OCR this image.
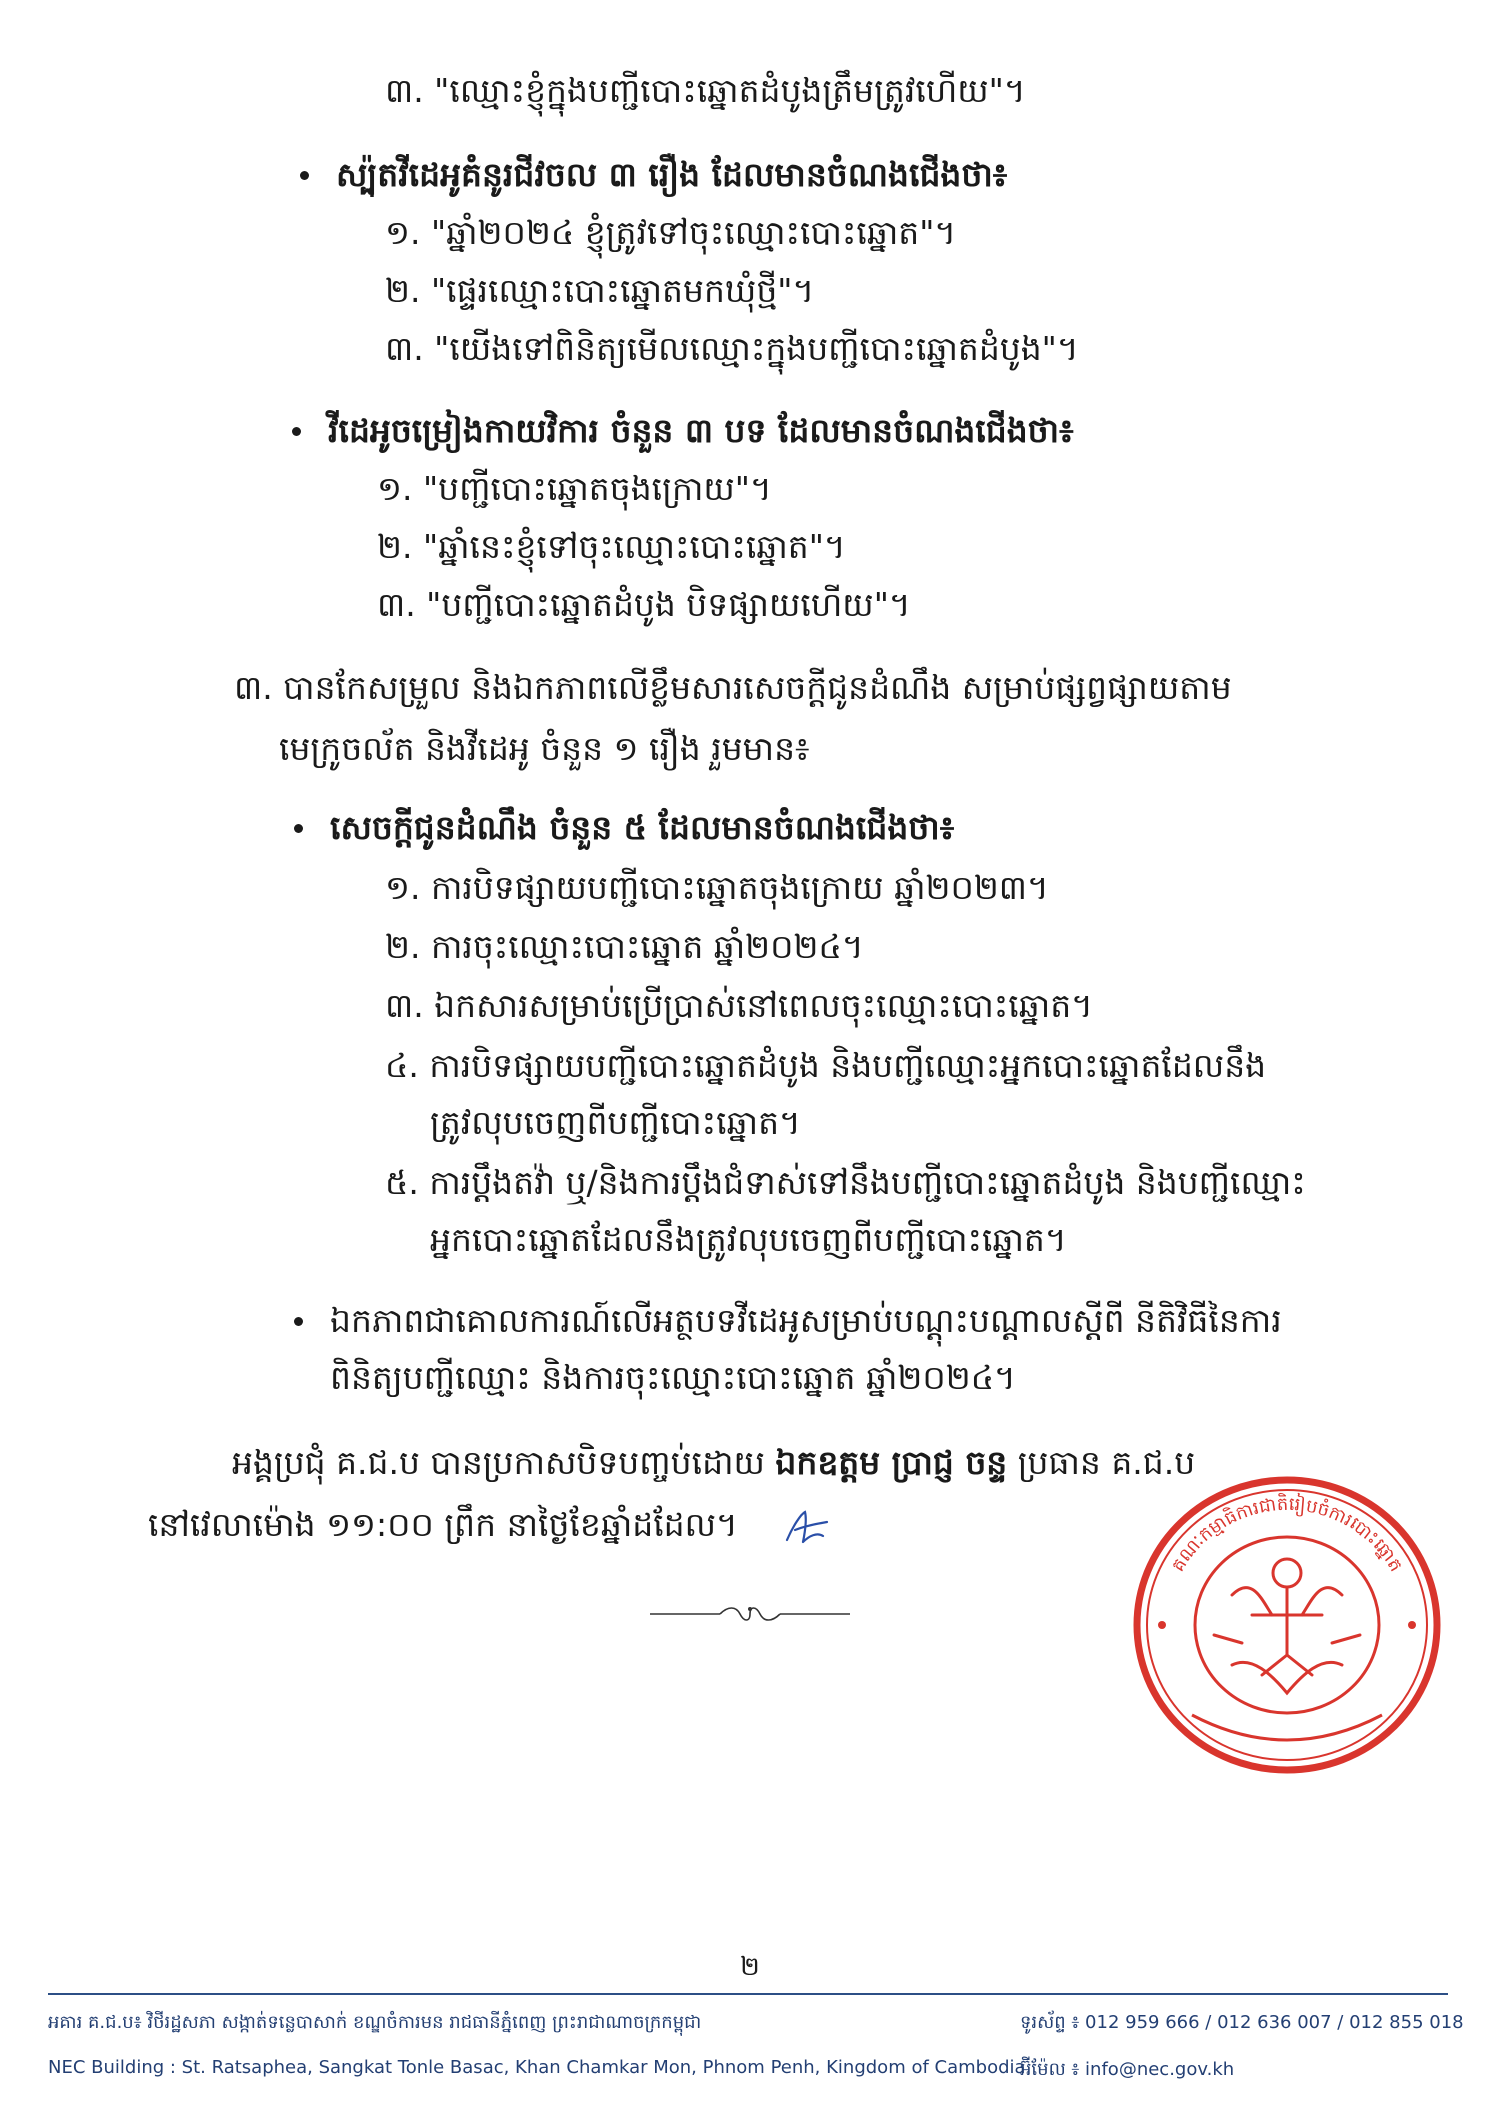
៣. "ឈ្មោះខ្ញុំក្នុងបញ្ជីបោះឆ្នោតដំបូងត្រឹមត្រូវហើយ"។
ស្ប៉ុតវីដេអូគំនូរជីវចល ៣ រឿង ដែលមានចំណងជើងថា៖
១. "ឆ្នាំ២០២៤ ខ្ញុំត្រូវទៅចុះឈ្មោះបោះឆ្នោត"។
២. "ផ្ទេរឈ្មោះបោះឆ្នោតមកឃុំថ្មី"។
៣. "យើងទៅពិនិត្យមើលឈ្មោះក្នុងបញ្ជីបោះឆ្នោតដំបូង"។
វីដេអូចម្រៀងកាយវិការ ចំនួន ៣ បទ ដែលមានចំណងជើងថា៖
១. "បញ្ជីបោះឆ្នោតចុងក្រោយ"។
២. "ឆ្នាំនេះខ្ញុំទៅចុះឈ្មោះបោះឆ្នោត"។
៣. "បញ្ជីបោះឆ្នោតដំបូង បិទផ្សាយហើយ"។
៣. បានកែសម្រួល និងឯកភាពលើខ្លឹមសារសេចក្ដីជូនដំណឹង សម្រាប់ផ្សព្វផ្សាយតាម
មេក្រូចល័ត និងវីដេអូ ចំនួន ១ រឿង រួមមាន៖
សេចក្ដីជូនដំណឹង ចំនួន ៥ ដែលមានចំណងជើងថា៖
១. ការបិទផ្សាយបញ្ជីបោះឆ្នោតចុងក្រោយ ឆ្នាំ២០២៣។
២. ការចុះឈ្មោះបោះឆ្នោត ឆ្នាំ២០២៤។
៣. ឯកសារសម្រាប់ប្រើប្រាស់នៅពេលចុះឈ្មោះបោះឆ្នោត។
៤. ការបិទផ្សាយបញ្ជីបោះឆ្នោតដំបូង និងបញ្ជីឈ្មោះអ្នកបោះឆ្នោតដែលនឹង
ត្រូវលុបចេញពីបញ្ជីបោះឆ្នោត។
៥. ការប្ដឹងតវ៉ា ឬ/និងការប្ដឹងជំទាស់ទៅនឹងបញ្ជីបោះឆ្នោតដំបូង និងបញ្ជីឈ្មោះ
អ្នកបោះឆ្នោតដែលនឹងត្រូវលុបចេញពីបញ្ជីបោះឆ្នោត។
ឯកភាពជាគោលការណ៍លើអត្ថបទវីដេអូសម្រាប់បណ្ដុះបណ្ដាលស្ដីពី នីតិវិធីនៃការ
ពិនិត្យបញ្ជីឈ្មោះ និងការចុះឈ្មោះបោះឆ្នោត ឆ្នាំ២០២៤។
អង្គប្រជុំ គ.ជ.ប បានប្រកាសបិទបញ្ចប់ដោយ ឯកឧត្តម ប្រាជ្ញ ចន្ទ ប្រធាន គ.ជ.ប
នៅវេលាម៉ោង ១១:០០ ព្រឹក នាថ្ងៃខែឆ្នាំដដែល។
គណៈកម្មាធិការជាតិរៀបចំការបោះឆ្នោត
២
អគារ គ.ជ.ប៖ វិថីរដ្ឋសភា សង្កាត់ទន្លេបាសាក់ ខណ្ឌចំការមន រាជធានីភ្នំពេញ ព្រះរាជាណាចក្រកម្ពុជា	ទូរស័ព្ទ ៖ 012 959 666 / 012 636 007 / 012 855 018
NEC Building : St. Ratsaphea, Sangkat Tonle Basac, Khan Chamkar Mon, Phnom Penh, Kingdom of Cambodia
អ៊ីម៉ែល ៖ info@nec.gov.kh
